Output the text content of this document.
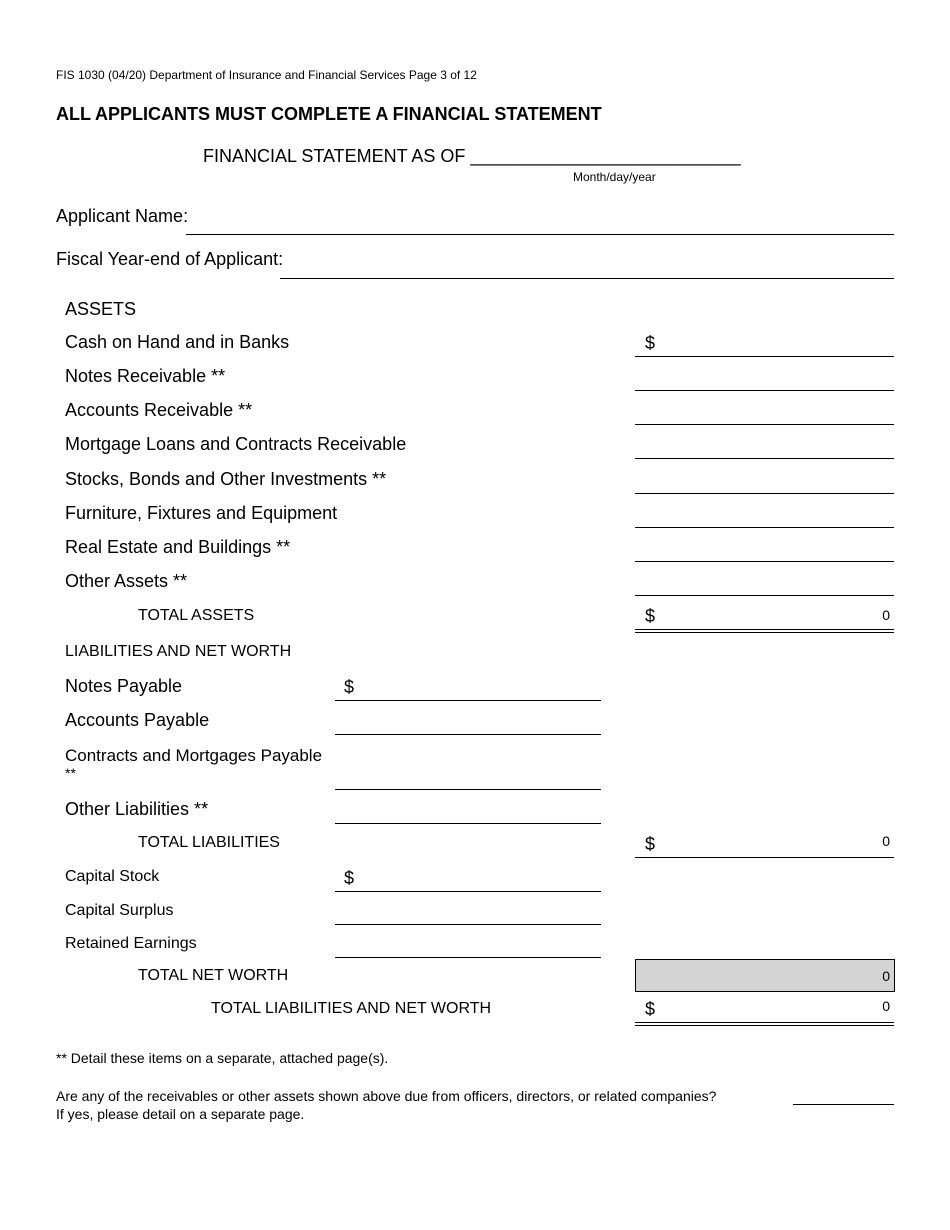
FIS 1030 (04/20) Department of Insurance and Financial Services Page 3 of 12
ALL APPLICANTS MUST COMPLETE A FINANCIAL STATEMENT
FINANCIAL STATEMENT AS OF ___________________________
Month/day/year
Applicant Name:
Fiscal Year-end of Applicant:
ASSETS
Cash on Hand and in Banks	$
Notes Receivable **
Accounts Receivable **
Mortgage Loans and Contracts Receivable
Stocks, Bonds and Other Investments **
Furniture, Fixtures and Equipment
Real Estate and Buildings **
Other Assets **
TOTAL ASSETS	$	0
LIABILITIES AND NET WORTH
Notes Payable	$
Accounts Payable
Contracts and Mortgages Payable
**
Other Liabilities **
TOTAL LIABILITIES	$	0
Capital Stock	$
Capital Surplus
Retained Earnings
TOTAL NET WORTH	0
TOTAL LIABILITIES AND NET WORTH	$	0
** Detail these items on a separate, attached page(s).
Are any of the receivables or other assets shown above due from officers, directors, or related companies?
If yes, please detail on a separate page.
